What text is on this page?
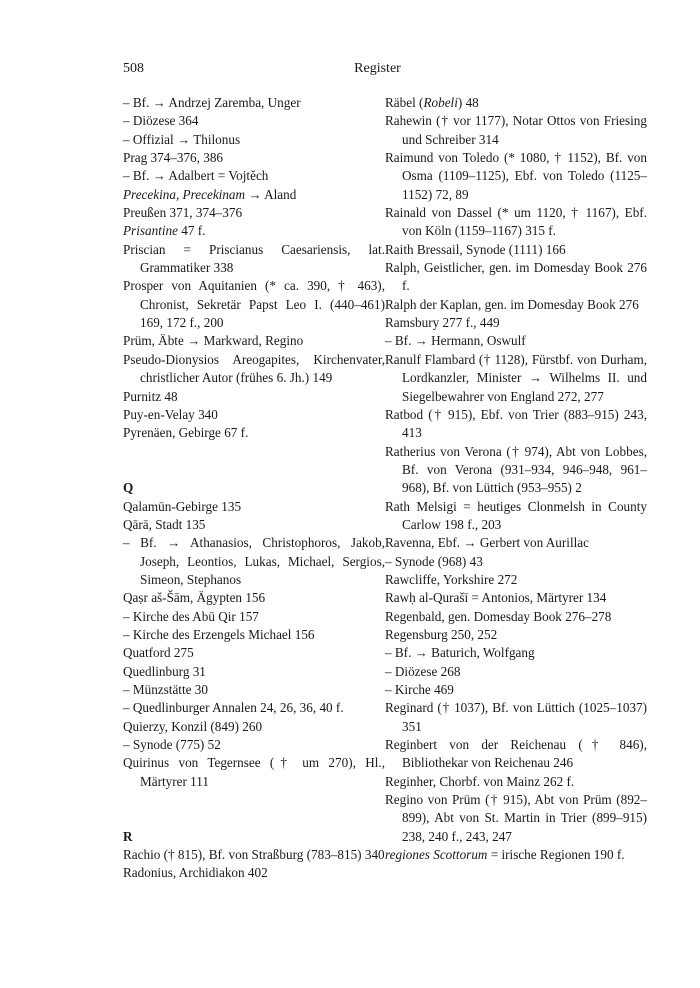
508	Register
– Bf. → Andrzej Zaremba, Unger
– Diözese 364
– Offizial → Thilonus
Prag 374–376, 386
– Bf. → Adalbert = Vojtěch
Precekina, Precekinam → Aland
Preußen 371, 374–376
Prisantine 47 f.
Priscian = Priscianus Caesariensis, lat. Grammatiker 338
Prosper von Aquitanien (* ca. 390, † 463), Chronist, Sekretär Papst Leo I. (440–461) 169, 172 f., 200
Prüm, Äbte → Markward, Regino
Pseudo-Dionysios Areogapites, Kirchenvater, christlicher Autor (frühes 6. Jh.) 149
Purnitz 48
Puy-en-Velay 340
Pyrenäen, Gebirge 67 f.
Q
Qalamūn-Gebirge 135
Qārā, Stadt 135
– Bf. → Athanasios, Christophoros, Jakob, Joseph, Leontios, Lukas, Michael, Sergios, Simeon, Stephanos
Qaṣr aš-Šām, Ägypten 156
– Kirche des Abū Qir 157
– Kirche des Erzengels Michael 156
Quatford 275
Quedlinburg 31
– Münzstätte 30
– Quedlinburger Annalen 24, 26, 36, 40 f.
Quierzy, Konzil (849) 260
– Synode (775) 52
Quirinus von Tegernsee († um 270), Hl., Märtyrer 111
R
Rachio († 815), Bf. von Straßburg (783–815) 340
Radonius, Archidiakon 402
Räbel (Robeli) 48
Rahewin († vor 1177), Notar Ottos von Friesing und Schreiber 314
Raimund von Toledo (* 1080, † 1152), Bf. von Osma (1109–1125), Ebf. von Toledo (1125–1152) 72, 89
Rainald von Dassel (* um 1120, † 1167), Ebf. von Köln (1159–1167) 315 f.
Raith Bressail, Synode (1111) 166
Ralph, Geistlicher, gen. im Domesday Book 276 f.
Ralph der Kaplan, gen. im Domesday Book 276
Ramsbury 277 f., 449
– Bf. → Hermann, Oswulf
Ranulf Flambard († 1128), Fürstbf. von Durham, Lordkanzler, Minister → Wilhelms II. und Siegelbewahrer von England 272, 277
Ratbod († 915), Ebf. von Trier (883–915) 243, 413
Ratherius von Verona († 974), Abt von Lobbes, Bf. von Verona (931–934, 946–948, 961–968), Bf. von Lüttich (953–955) 2
Rath Melsigi = heutiges Clonmelsh in County Carlow 198 f., 203
Ravenna, Ebf. → Gerbert von Aurillac
– Synode (968) 43
Rawcliffe, Yorkshire 272
Rawḥ al-Qurašī = Antonios, Märtyrer 134
Regenbald, gen. Domesday Book 276–278
Regensburg 250, 252
– Bf. → Baturich, Wolfgang
– Diözese 268
– Kirche 469
Reginard († 1037), Bf. von Lüttich (1025–1037) 351
Reginbert von der Reichenau († 846), Bibliothekar von Reichenau 246
Reginher, Chorbf. von Mainz 262 f.
Regino von Prüm († 915), Abt von Prüm (892–899), Abt von St. Martin in Trier (899–915) 238, 240 f., 243, 247
regiones Scottorum = irische Regionen 190 f.
